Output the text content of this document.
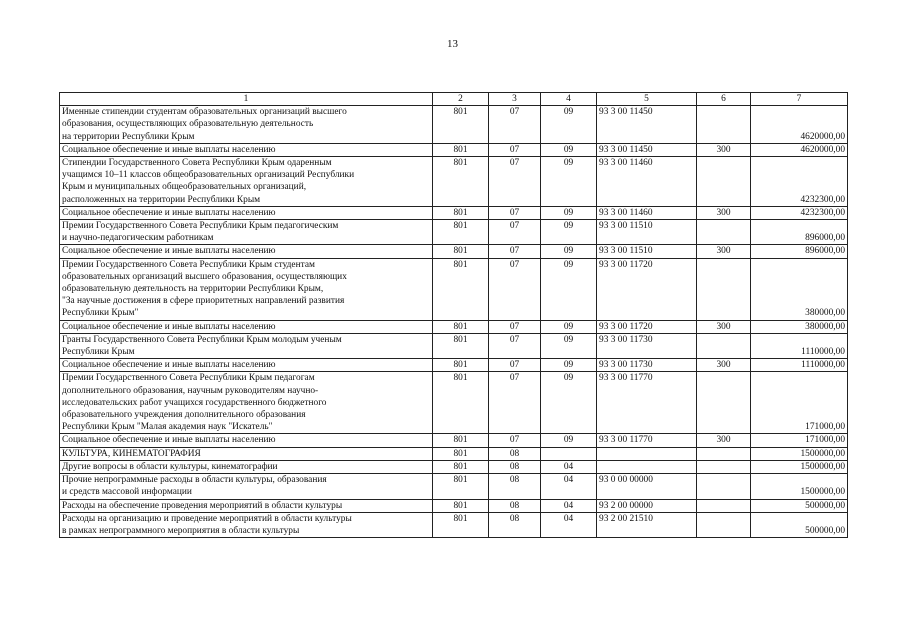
13
1	2	3	4	5	6	7

Именные стипендии студентам образовательных организаций высшего
образования, осуществляющих образовательную деятельность
на территории Республики Крым	801	07	09	93 3 00 11450		4620000,00

Социальное обеспечение и иные выплаты населению	801	07	09	93 3 00 11450	300	4620000,00

Стипендии Государственного Совета Республики Крым одаренным
учащимся 10–11 классов общеобразовательных организаций Республики
Крым и муниципальных общеобразовательных организаций,
расположенных на территории Республики Крым	801	07	09	93 3 00 11460		4232300,00

Социальное обеспечение и иные выплаты населению	801	07	09	93 3 00 11460	300	4232300,00

Премии Государственного Совета Республики Крым педагогическим
и научно-педагогическим работникам	801	07	09	93 3 00 11510		896000,00

Социальное обеспечение и иные выплаты населению	801	07	09	93 3 00 11510	300	896000,00

Премии Государственного Совета Республики Крым студентам
образовательных организаций высшего образования, осуществляющих
образовательную деятельность на территории Республики Крым,
"За научные достижения в сфере приоритетных направлений развития
Республики Крым"	801	07	09	93 3 00 11720		380000,00

Социальное обеспечение и иные выплаты населению	801	07	09	93 3 00 11720	300	380000,00

Гранты Государственного Совета Республики Крым молодым ученым
Республики Крым	801	07	09	93 3 00 11730		1110000,00

Социальное обеспечение и иные выплаты населению	801	07	09	93 3 00 11730	300	1110000,00

Премии Государственного Совета Республики Крым педагогам
дополнительного образования, научным руководителям научно-
исследовательских работ учащихся государственного бюджетного
образовательного учреждения дополнительного образования
Республики Крым "Малая академия наук "Искатель"	801	07	09	93 3 00 11770		171000,00

Социальное обеспечение и иные выплаты населению	801	07	09	93 3 00 11770	300	171000,00

КУЛЬТУРА, КИНЕМАТОГРАФИЯ	801	08				1500000,00

Другие вопросы в области культуры, кинематографии	801	08	04			1500000,00

Прочие непрограммные расходы в области культуры, образования
и средств массовой информации	801	08	04	93 0 00 00000		1500000,00

Расходы на обеспечение проведения мероприятий в области культуры	801	08	04	93 2 00 00000		500000,00

Расходы на организацию и проведение мероприятий в области культуры
в рамках непрограммного мероприятия в области культуры	801	08	04	93 2 00 21510		500000,00
